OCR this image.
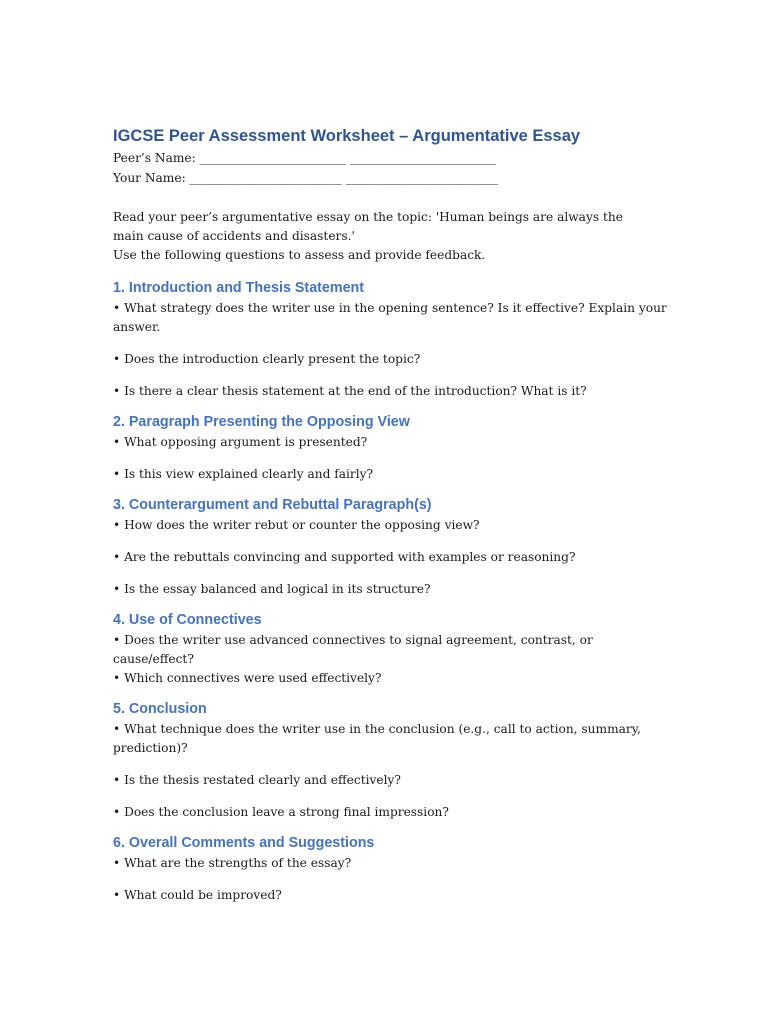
IGCSE Peer Assessment Worksheet – Argumentative Essay

Peer’s Name: ________________________ ________________________

Your Name: _________________________ _________________________

Read your peer’s argumentative essay on the topic: 'Human beings are always the main cause of accidents and disasters.'

Use the following questions to assess and provide feedback.

1. Introduction and Thesis Statement

• What strategy does the writer use in the opening sentence? Is it effective? Explain your answer.

• Does the introduction clearly present the topic?

• Is there a clear thesis statement at the end of the introduction? What is it?

2. Paragraph Presenting the Opposing View

• What opposing argument is presented?

• Is this view explained clearly and fairly?

3. Counterargument and Rebuttal Paragraph(s)

• How does the writer rebut or counter the opposing view?

• Are the rebuttals convincing and supported with examples or reasoning?

• Is the essay balanced and logical in its structure?

4. Use of Connectives

• Does the writer use advanced connectives to signal agreement, contrast, or cause/effect?

• Which connectives were used effectively?

5. Conclusion

• What technique does the writer use in the conclusion (e.g., call to action, summary, prediction)?

• Is the thesis restated clearly and effectively?

• Does the conclusion leave a strong final impression?

6. Overall Comments and Suggestions

• What are the strengths of the essay?

• What could be improved?
